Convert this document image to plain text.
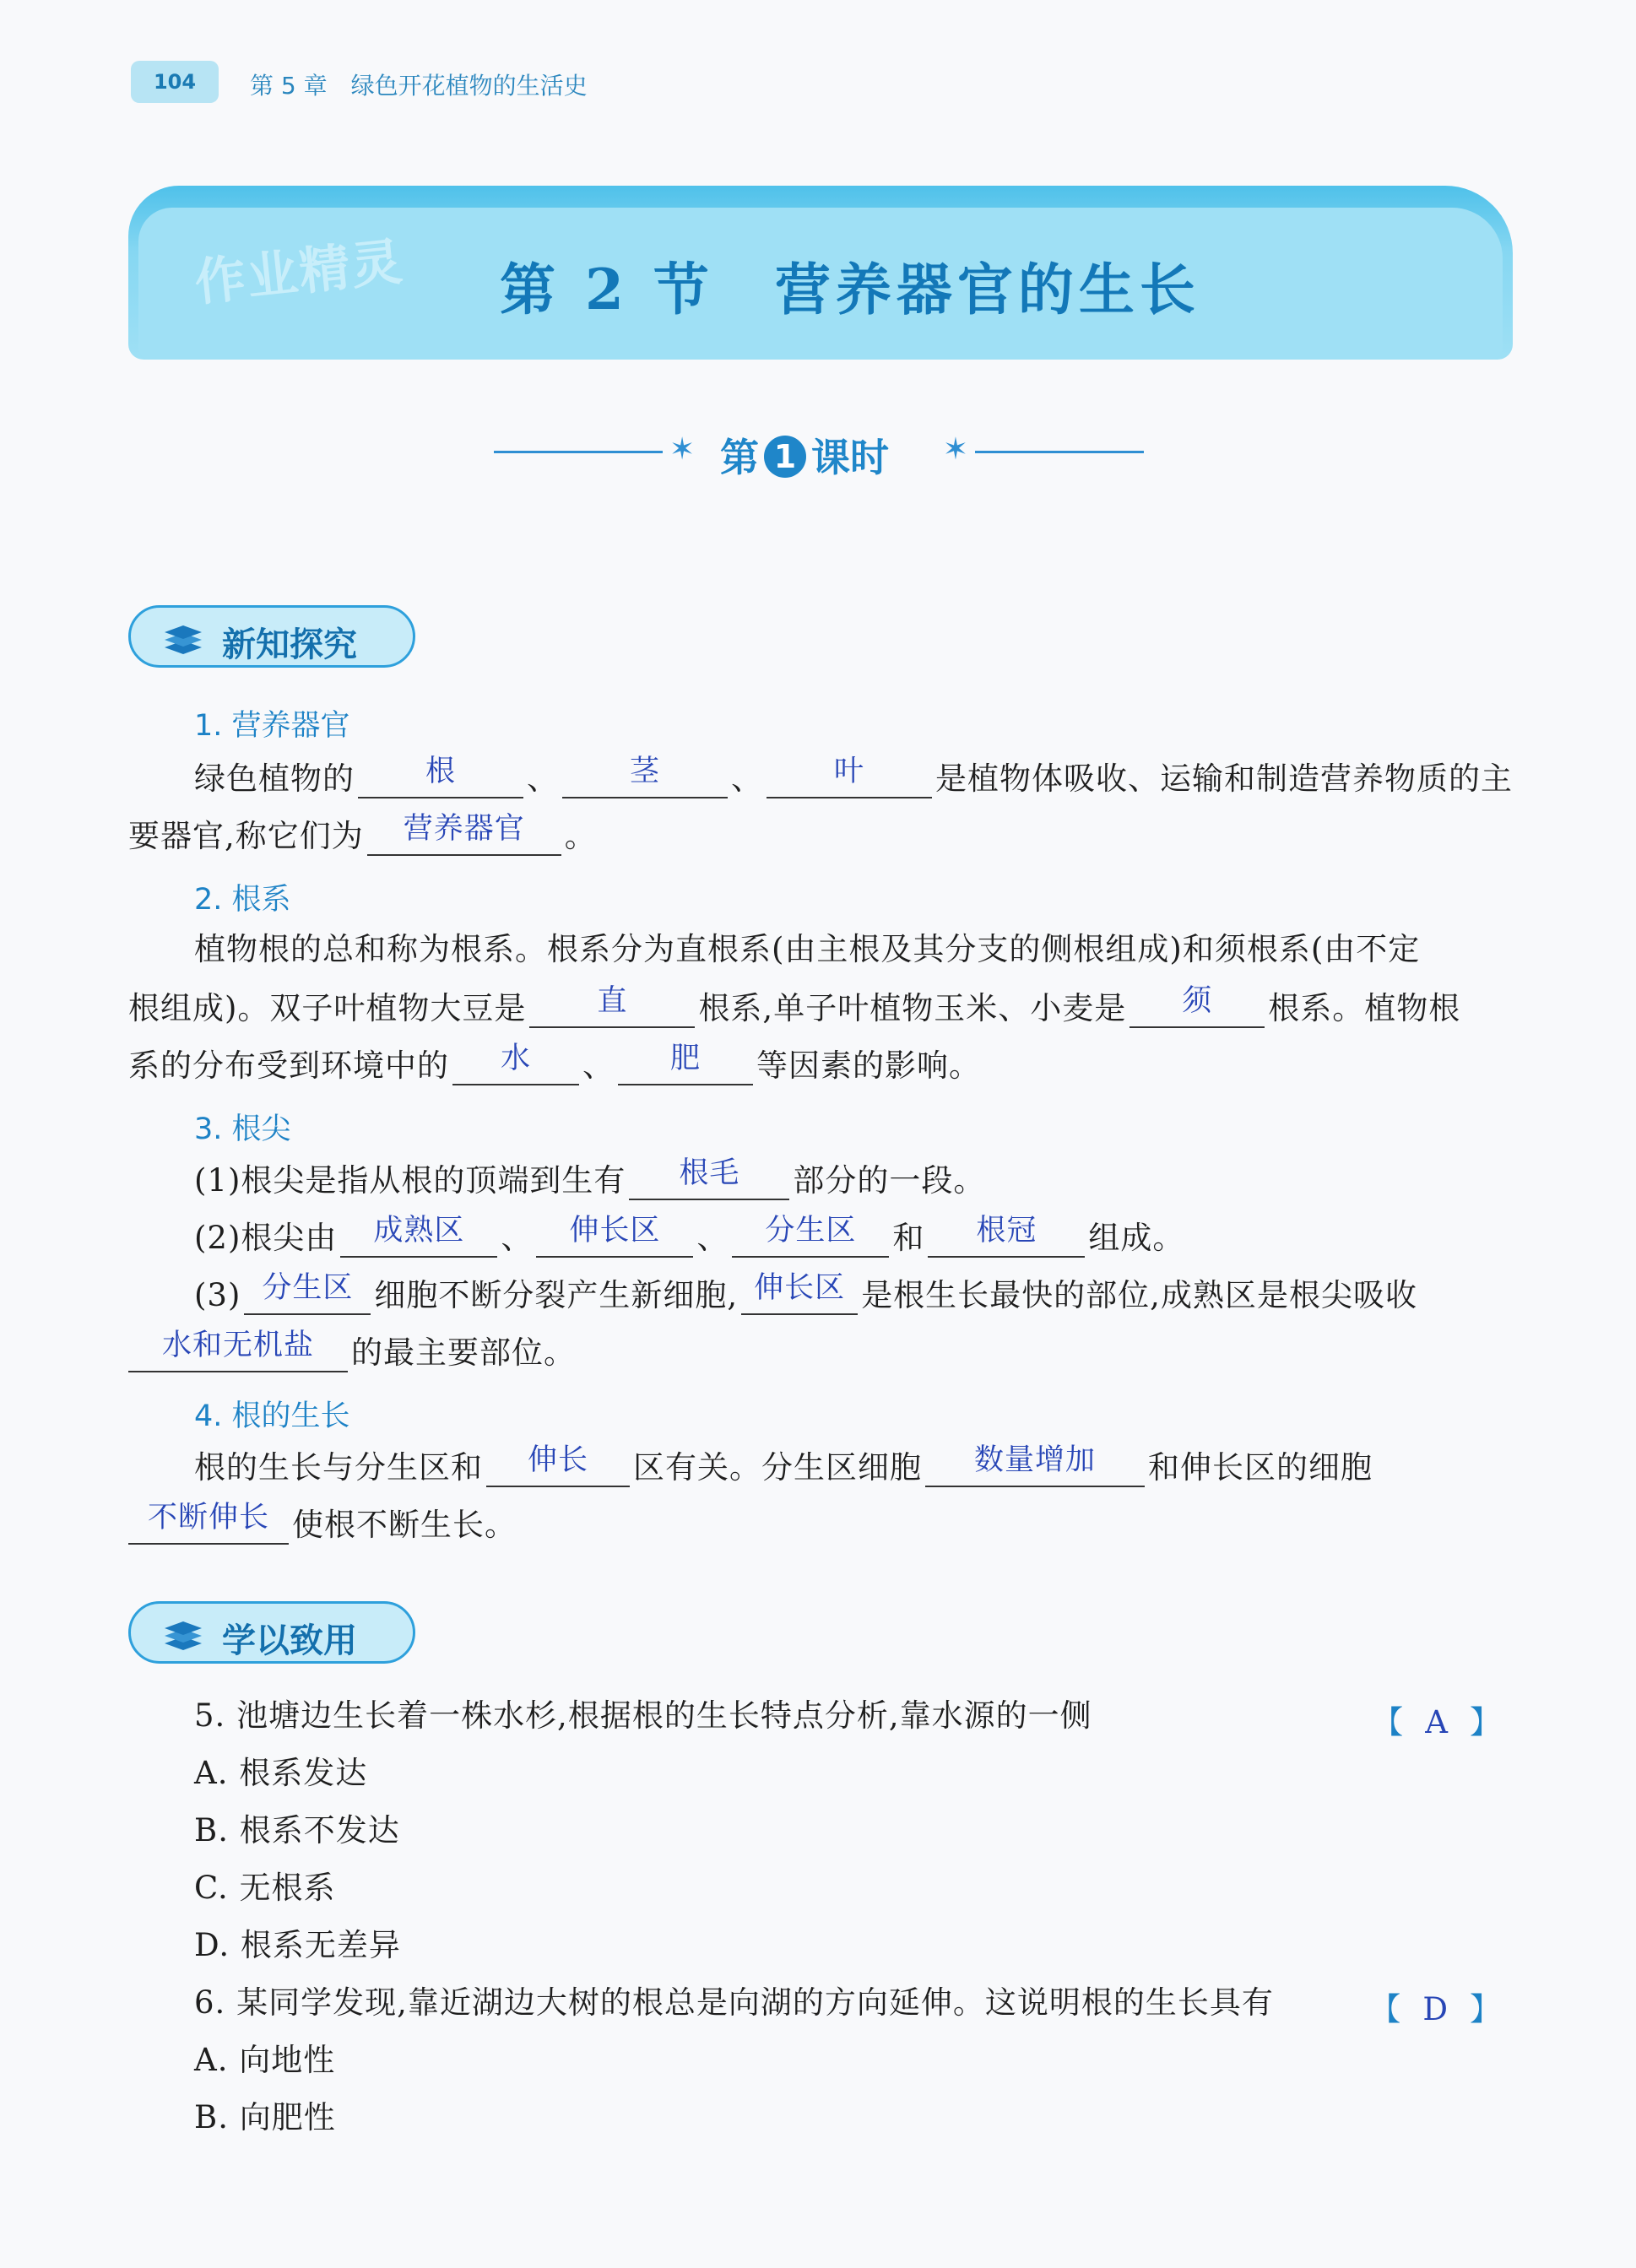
104	第 5 章 绿色开花植物的生活史
作业精灵 第 2 节　营养器官的生长
✶ 第 1 课时 ✶
新知探究
1. 营养器官
绿色植物的	根	、	茎	、	叶	是植物体吸收、运输和制造营养物质的主
要器官,称它们为	营养器官	。
2. 根系
植物根的总和称为根系。根系分为直根系(由主根及其分支的侧根组成)和须根系(由不定
根组成)。双子叶植物大豆是	直	根系,单子叶植物玉米、小麦是	须	根系。植物根
系的分布受到环境中的	水	、	肥	等因素的影响。
3. 根尖
(1)根尖是指从根的顶端到生有	根毛	部分的一段。
(2)根尖由	成熟区	、	伸长区	、	分生区	和	根冠	组成。
(3) 分生区 细胞不断分裂产生新细胞, 伸长区 是根生长最快的部位,成熟区是根尖吸收
水和无机盐	的最主要部位。
4. 根的生长
根的生长与分生区和	伸长	区有关。分生区细胞	数量增加	和伸长区的细胞
不断伸长 使根不断生长。
学以致用
5. 池塘边生长着一株水杉,根据根的生长特点分析,靠水源的一侧	【 A 】
A. 根系发达
B. 根系不发达
C. 无根系
D. 根系无差异
6. 某同学发现,靠近湖边大树的根总是向湖的方向延伸。这说明根的生长具有	【 D 】
A. 向地性
B. 向肥性
